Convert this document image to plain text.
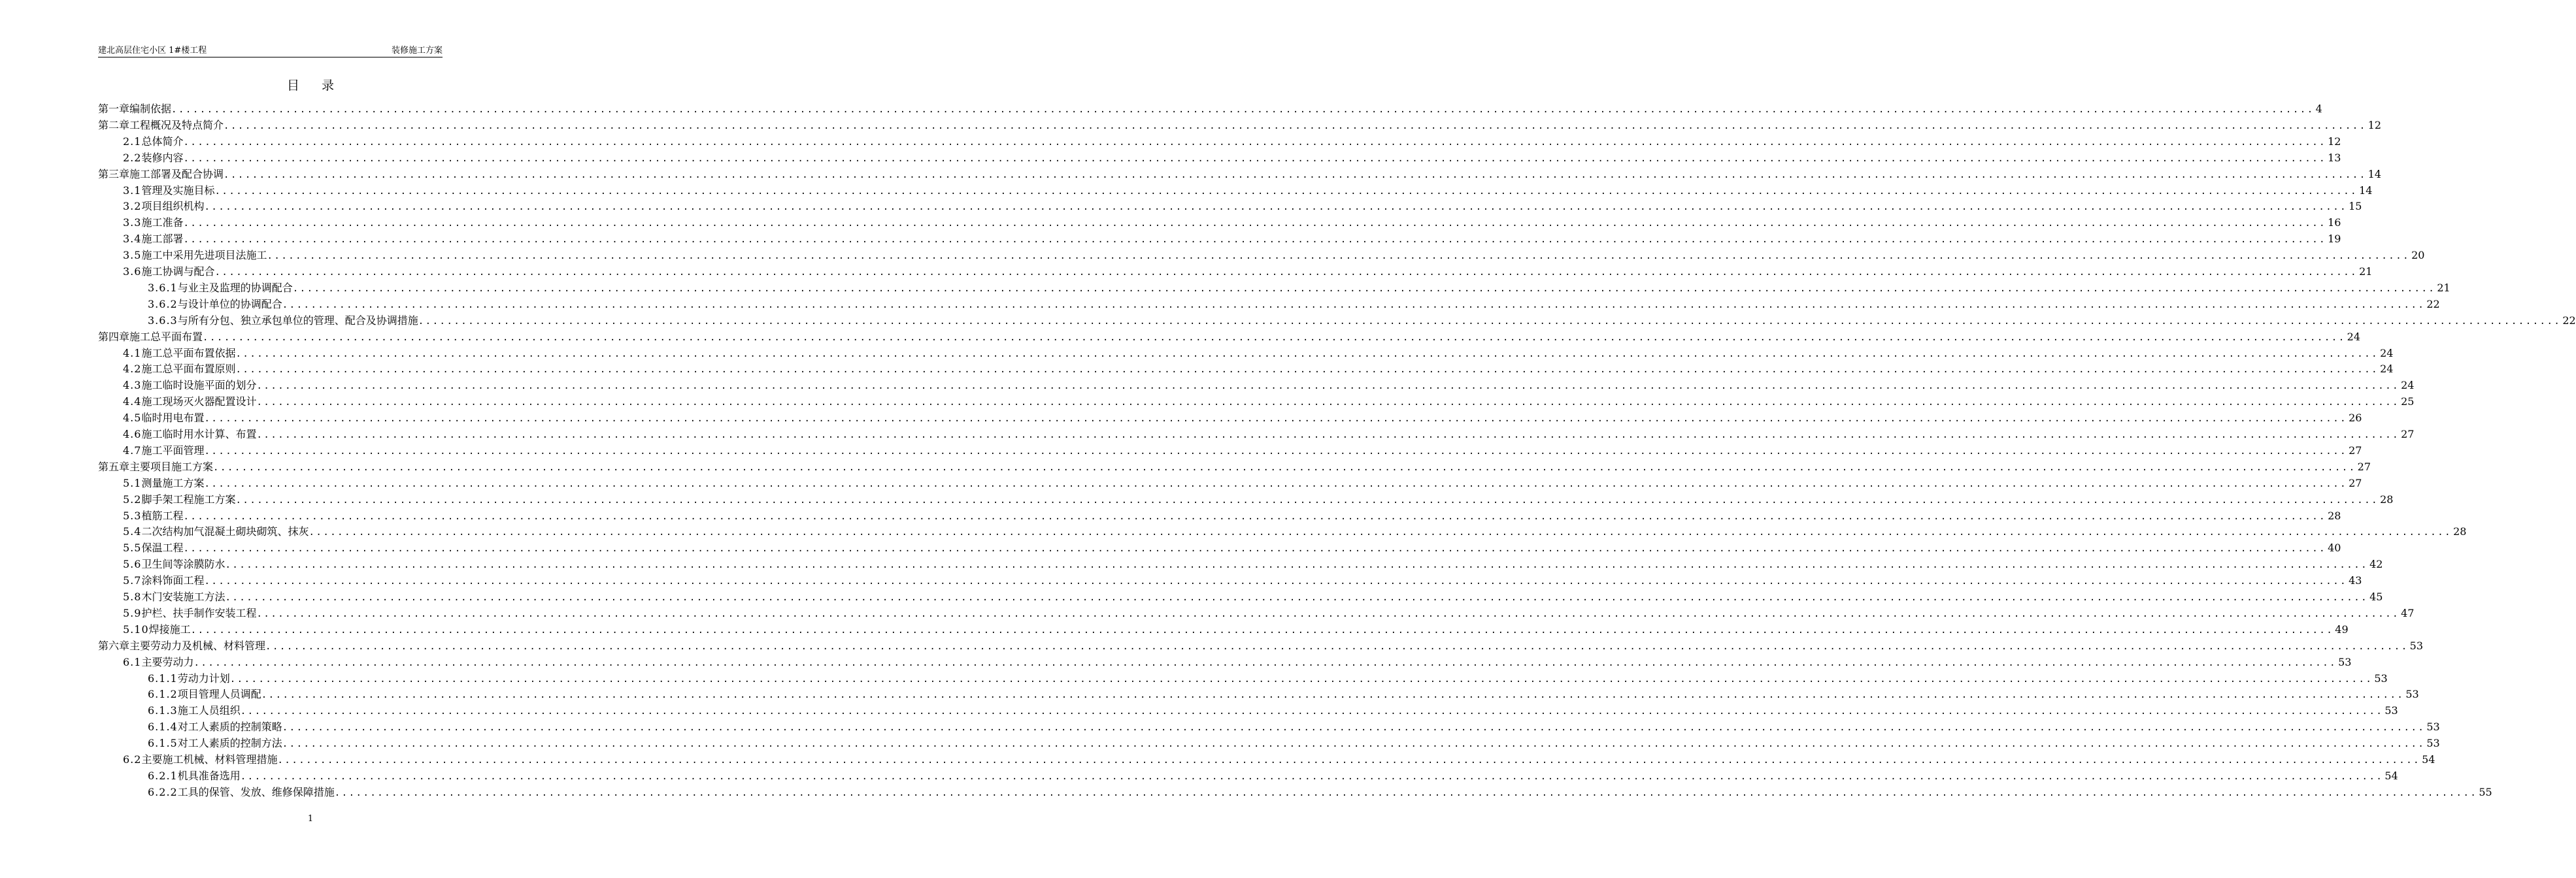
建北高层住宅小区 1#楼工程	装修施工方案
目录
第一章 编制依据 ............................................................................................................................................................................................................................................................................................................ 4
第二章 工程概况及特点简介 ............................................................................................................................................................................................................................................................................................................ 12
2.1 总体简介 ............................................................................................................................................................................................................................................................................................................ 12
2.2 装修内容 ............................................................................................................................................................................................................................................................................................................ 13
第三章 施工部署及配合协调 ............................................................................................................................................................................................................................................................................................................ 14
3.1 管理及实施目标 ............................................................................................................................................................................................................................................................................................................ 14
3.2 项目组织机构 ............................................................................................................................................................................................................................................................................................................ 15
3.3 施工准备 ............................................................................................................................................................................................................................................................................................................ 16
3.4 施工部署 ............................................................................................................................................................................................................................................................................................................ 19
3.5 施工中采用先进项目法施工 ............................................................................................................................................................................................................................................................................................................ 20
3.6 施工协调与配合 ............................................................................................................................................................................................................................................................................................................ 21
3.6.1 与业主及监理的协调配合 ............................................................................................................................................................................................................................................................................................................ 21
3.6.2 与设计单位的协调配合 ............................................................................................................................................................................................................................................................................................................ 22
3.6.3 与所有分包、独立承包单位的管理、配合及协调措施 ............................................................................................................................................................................................................................................................................................................ 22
第四章 施工总平面布置 ............................................................................................................................................................................................................................................................................................................ 24
4.1 施工总平面布置依据 ............................................................................................................................................................................................................................................................................................................ 24
4.2 施工总平面布置原则 ............................................................................................................................................................................................................................................................................................................ 24
4.3 施工临时设施平面的划分 ............................................................................................................................................................................................................................................................................................................ 24
4.4 施工现场灭火器配置设计 ............................................................................................................................................................................................................................................................................................................ 25
4.5 临时用电布置 ............................................................................................................................................................................................................................................................................................................ 26
4.6 施工临时用水计算、布置 ............................................................................................................................................................................................................................................................................................................ 27
4.7 施工平面管理 ............................................................................................................................................................................................................................................................................................................ 27
第五章 主要项目施工方案 ............................................................................................................................................................................................................................................................................................................ 27
5.1 测量施工方案 ............................................................................................................................................................................................................................................................................................................ 27
5.2 脚手架工程施工方案 ............................................................................................................................................................................................................................................................................................................ 28
5.3 植筋工程 ............................................................................................................................................................................................................................................................................................................ 28
5.4 二次结构加气混凝土砌块砌筑、抹灰 ............................................................................................................................................................................................................................................................................................................ 28
5.5 保温工程 ............................................................................................................................................................................................................................................................................................................ 40
5.6 卫生间等涂膜防水 ............................................................................................................................................................................................................................................................................................................ 42
5.7 涂料饰面工程 ............................................................................................................................................................................................................................................................................................................ 43
5.8 木门安装施工方法 ............................................................................................................................................................................................................................................................................................................ 45
5.9 护栏、扶手制作安装工程 ............................................................................................................................................................................................................................................................................................................ 47
5.10 焊接施工 ............................................................................................................................................................................................................................................................................................................ 49
第六章 主要劳动力及机械、材料管理 ............................................................................................................................................................................................................................................................................................................ 53
6.1 主要劳动力 ............................................................................................................................................................................................................................................................................................................ 53
6.1.1 劳动力计划 ............................................................................................................................................................................................................................................................................................................ 53
6.1.2 项目管理人员调配 ............................................................................................................................................................................................................................................................................................................ 53
6.1.3 施工人员组织 ............................................................................................................................................................................................................................................................................................................ 53
6.1.4 对工人素质的控制策略 ............................................................................................................................................................................................................................................................................................................ 53
6.1.5 对工人素质的控制方法 ............................................................................................................................................................................................................................................................................................................ 53
6.2 主要施工机械、材料管理措施 ............................................................................................................................................................................................................................................................................................................ 54
6.2.1 机具准备选用 ............................................................................................................................................................................................................................................................................................................ 54
6.2.2 工具的保管、发放、维修保障措施 ............................................................................................................................................................................................................................................................................................................ 55
1
